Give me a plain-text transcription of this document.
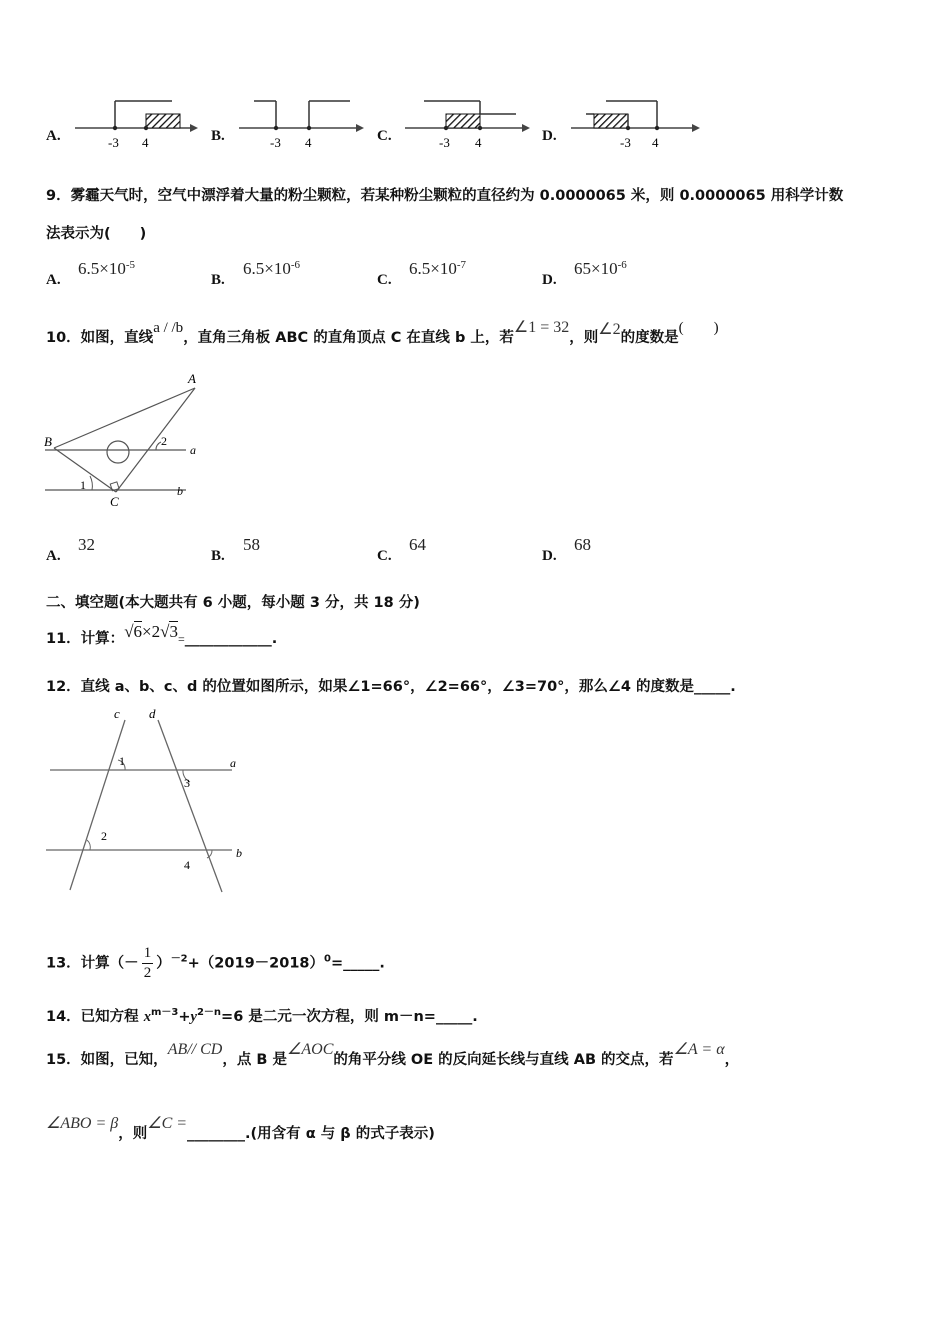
A.	-3 4	B.	-3 4	C.	-3 4	D.	-3 4
9．雾霾天气时，空气中漂浮着大量的粉尘颗粒，若某种粉尘颗粒的直径约为 0.0000065 米，则 0.0000065 用科学计数
法表示为(　　)
A.
$6.5\times 10^{-5}$
B.
$6.5\times 10^{-6}$
C.
$6.5\times 10^{-7}$
D.
$65\times 10^{-6}$
10．如图，直线a / /b，直角三角板 ABC 的直角顶点 C 在直线 b 上，若∠1 = 32，则∠2的度数是(　　)
A
B	2
a
1
C
b
A.
32
B.
58
C.
64
D.
68
二、填空题(本大题共有 6 小题，每小题 3 分，共 18 分)
11．计算：√6×2√3=____________.
12．直线 a、b、c、d 的位置如图所示，如果∠1=66°，∠2=66°，∠3=70°，那么∠4 的度数是_____.
c d
1	a
3
2
b
4
13．计算（－ $\frac{1}{2}$ ）$^{-2}+(2019-2018)^0=\_\_\_\_\_$.
14．已知方程 $x^{m-3}+y^{2-n}=6$ 是二元一次方程，则 m－n=_____.
15．如图，已知，AB// CD，点 B 是∠AOC的角平分线 OE 的反向延长线与直线 AB 的交点，若∠A = α，
∠ABO = β，则∠C =________.(用含有 α 与 β 的式子表示)
